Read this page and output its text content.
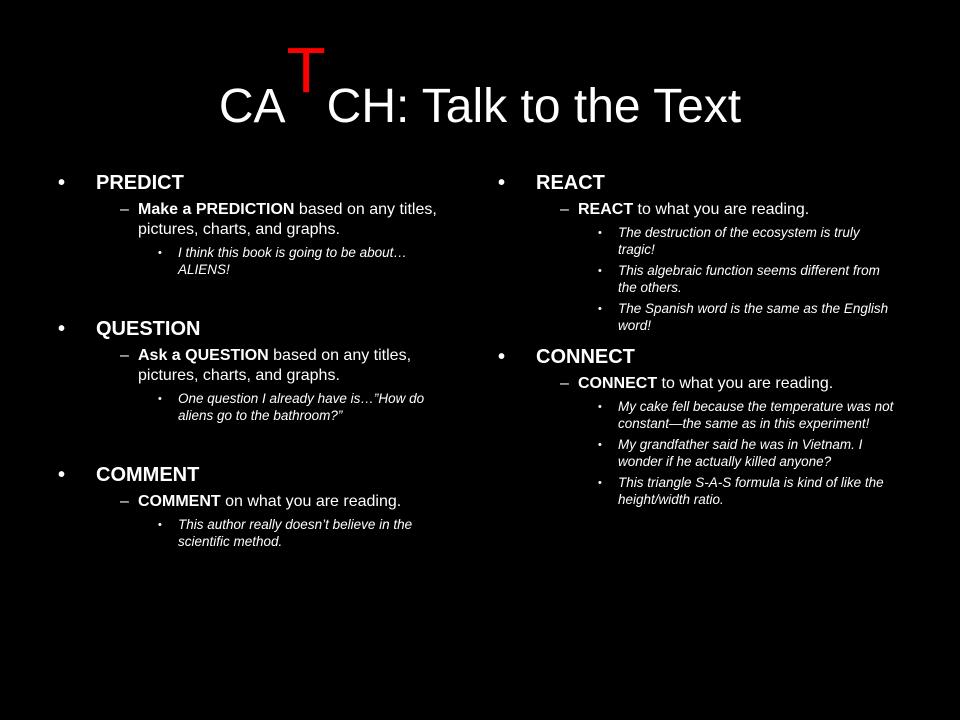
CATCH: Talk to the Text
• PREDICT
– Make a PREDICTION based on any titles, pictures, charts, and graphs.
• I think this book is going to be about… ALIENS!
• QUESTION
– Ask a QUESTION based on any titles, pictures, charts, and graphs.
• One question I already have is…”How do aliens go to the bathroom?”
• COMMENT
– COMMENT on what you are reading.
• This author really doesn’t believe in the scientific method.
• REACT
– REACT to what you are reading.
• The destruction of the ecosystem is truly tragic!
• This algebraic function seems different from the others.
• The Spanish word is the same as the English word!
• CONNECT
– CONNECT to what you are reading.
• My cake fell because the temperature was not constant—the same as in this experiment!
• My grandfather said he was in Vietnam. I wonder if he actually killed anyone?
• This triangle S-A-S formula is kind of like the height/width ratio.
